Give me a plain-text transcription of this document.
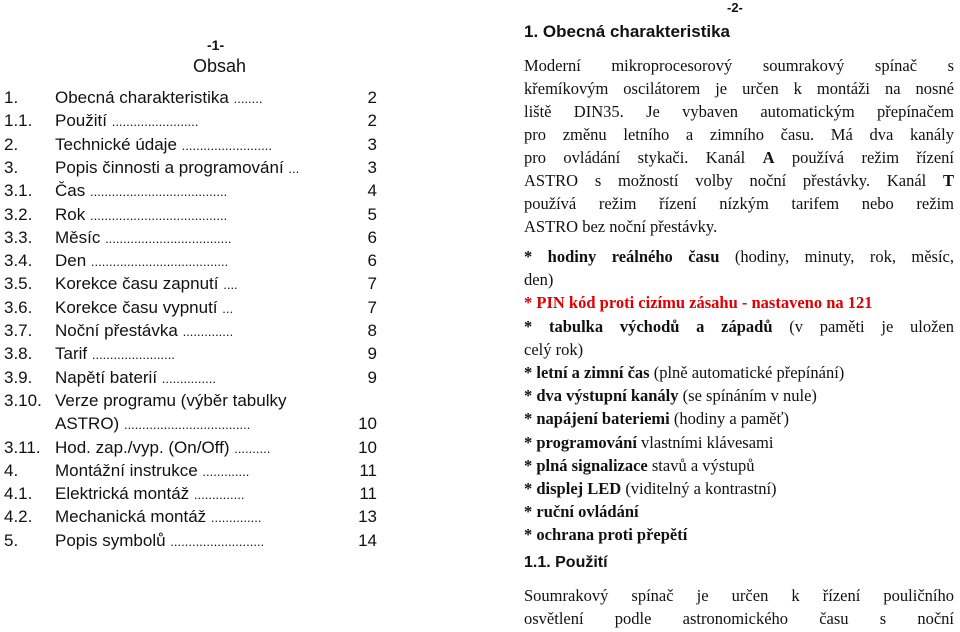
-1-
Obsah
1. Obecná charakteristika ........	2
1.1. Použití ........................	2
2. Technické údaje .........................	3
3. Popis činnosti a programování ...	3
3.1. Čas ......................................	4
3.2. Rok ......................................	5
3.3. Měsíc ...................................	6
3.4. Den ......................................	6
3.5. Korekce času zapnutí ....	7
3.6. Korekce času vypnutí ...	7
3.7. Noční přestávka ..............	8
3.8. Tarif .......................	9
3.9. Napětí baterií ...............	9
3.10. Verze programu (výběr tabulky
ASTRO) ...................................	10
3.11. Hod. zap./vyp. (On/Off) ..........	10
4. Montážní instrukce .............	11
4.1. Elektrická montáž ..............	11
4.2. Mechanická montáž ..............	13
5. Popis symbolů ..........................	14
-2-
1. Obecná charakteristika
Moderní mikroprocesorový soumrakový spínač s
křemíkovým oscilátorem je určen k montáži na nosné
liště DIN35. Je vybaven automatickým přepínačem
pro změnu letního a zimního času. Má dva kanály
pro ovládání stykači. Kanál A používá režim řízení
ASTRO s možností volby noční přestávky. Kanál T
používá režim řízení nízkým tarifem nebo režim
ASTRO bez noční přestávky.
* hodiny reálného času (hodiny, minuty, rok, měsíc,
den)
* PIN kód proti cizímu zásahu - nastaveno na 121
* tabulka východů a západů (v paměti je uložen
celý rok)
* letní a zimní čas (plně automatické přepínání)
* dva výstupní kanály (se spínáním v nule)
* napájení bateriemi (hodiny a paměť)
* programování vlastními klávesami
* plná signalizace stavů a výstupů
* displej LED (viditelný a kontrastní)
* ruční ovládání
* ochrana proti přepětí
1.1. Použití
Soumrakový spínač je určen k řízení pouličního
osvětlení podle astronomického času s noční
